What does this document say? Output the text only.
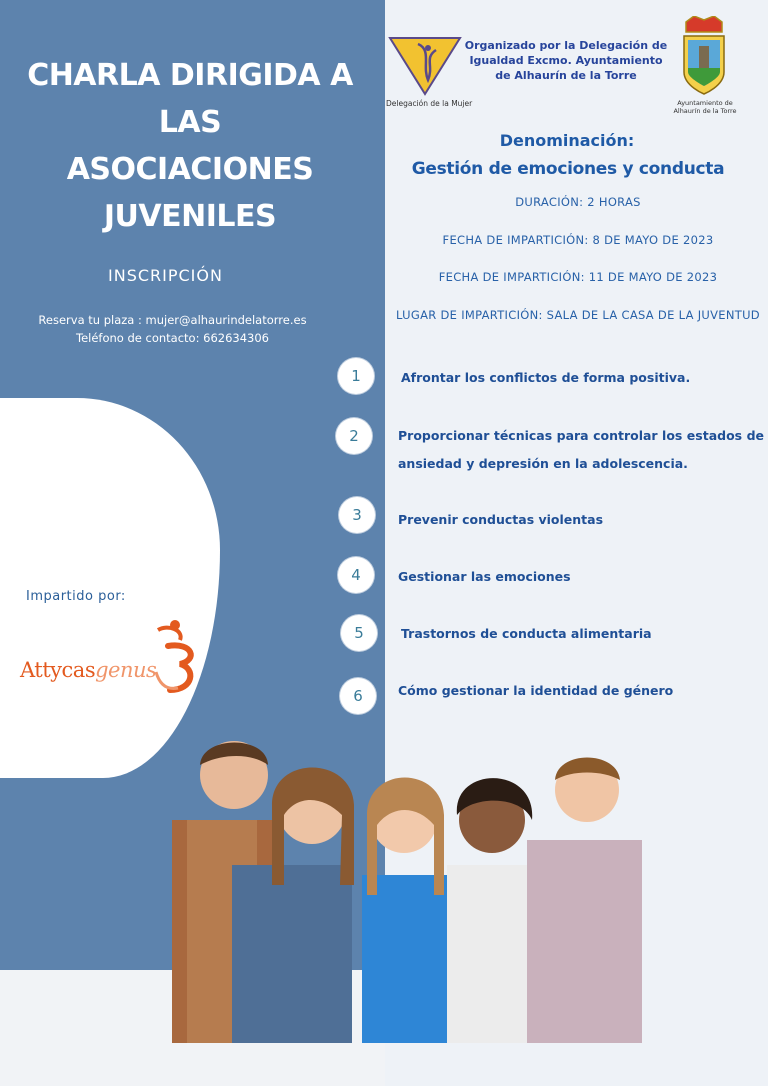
CHARLA DIRIGIDA A LAS
ASOCIACIONES
JUVENILES
INSCRIPCIÓN
Reserva tu plaza : mujer@alhaurindelatorre.es
Teléfono de contacto: 662634306
Impartido por:
Attycasgenus
Delegación de la Mujer
Organizado por la Delegación de Igualdad Excmo. Ayuntamiento de Alhaurín de la Torre
Ayuntamiento de
Alhaurín de la Torre
Denominación:
Gestión de emociones y conducta
DURACIÓN: 2 HORAS
FECHA DE IMPARTICIÓN: 8 DE MAYO DE 2023
FECHA DE IMPARTICIÓN: 11 DE MAYO DE 2023
LUGAR DE IMPARTICIÓN: SALA DE LA CASA DE LA JUVENTUD
1	Afrontar los conflictos de forma positiva.
2	Proporcionar técnicas para controlar los estados de ansiedad y depresión en la adolescencia.
3	Prevenir conductas violentas
4	Gestionar las emociones
5	Trastornos de conducta alimentaria
6	Cómo gestionar la identidad de género
